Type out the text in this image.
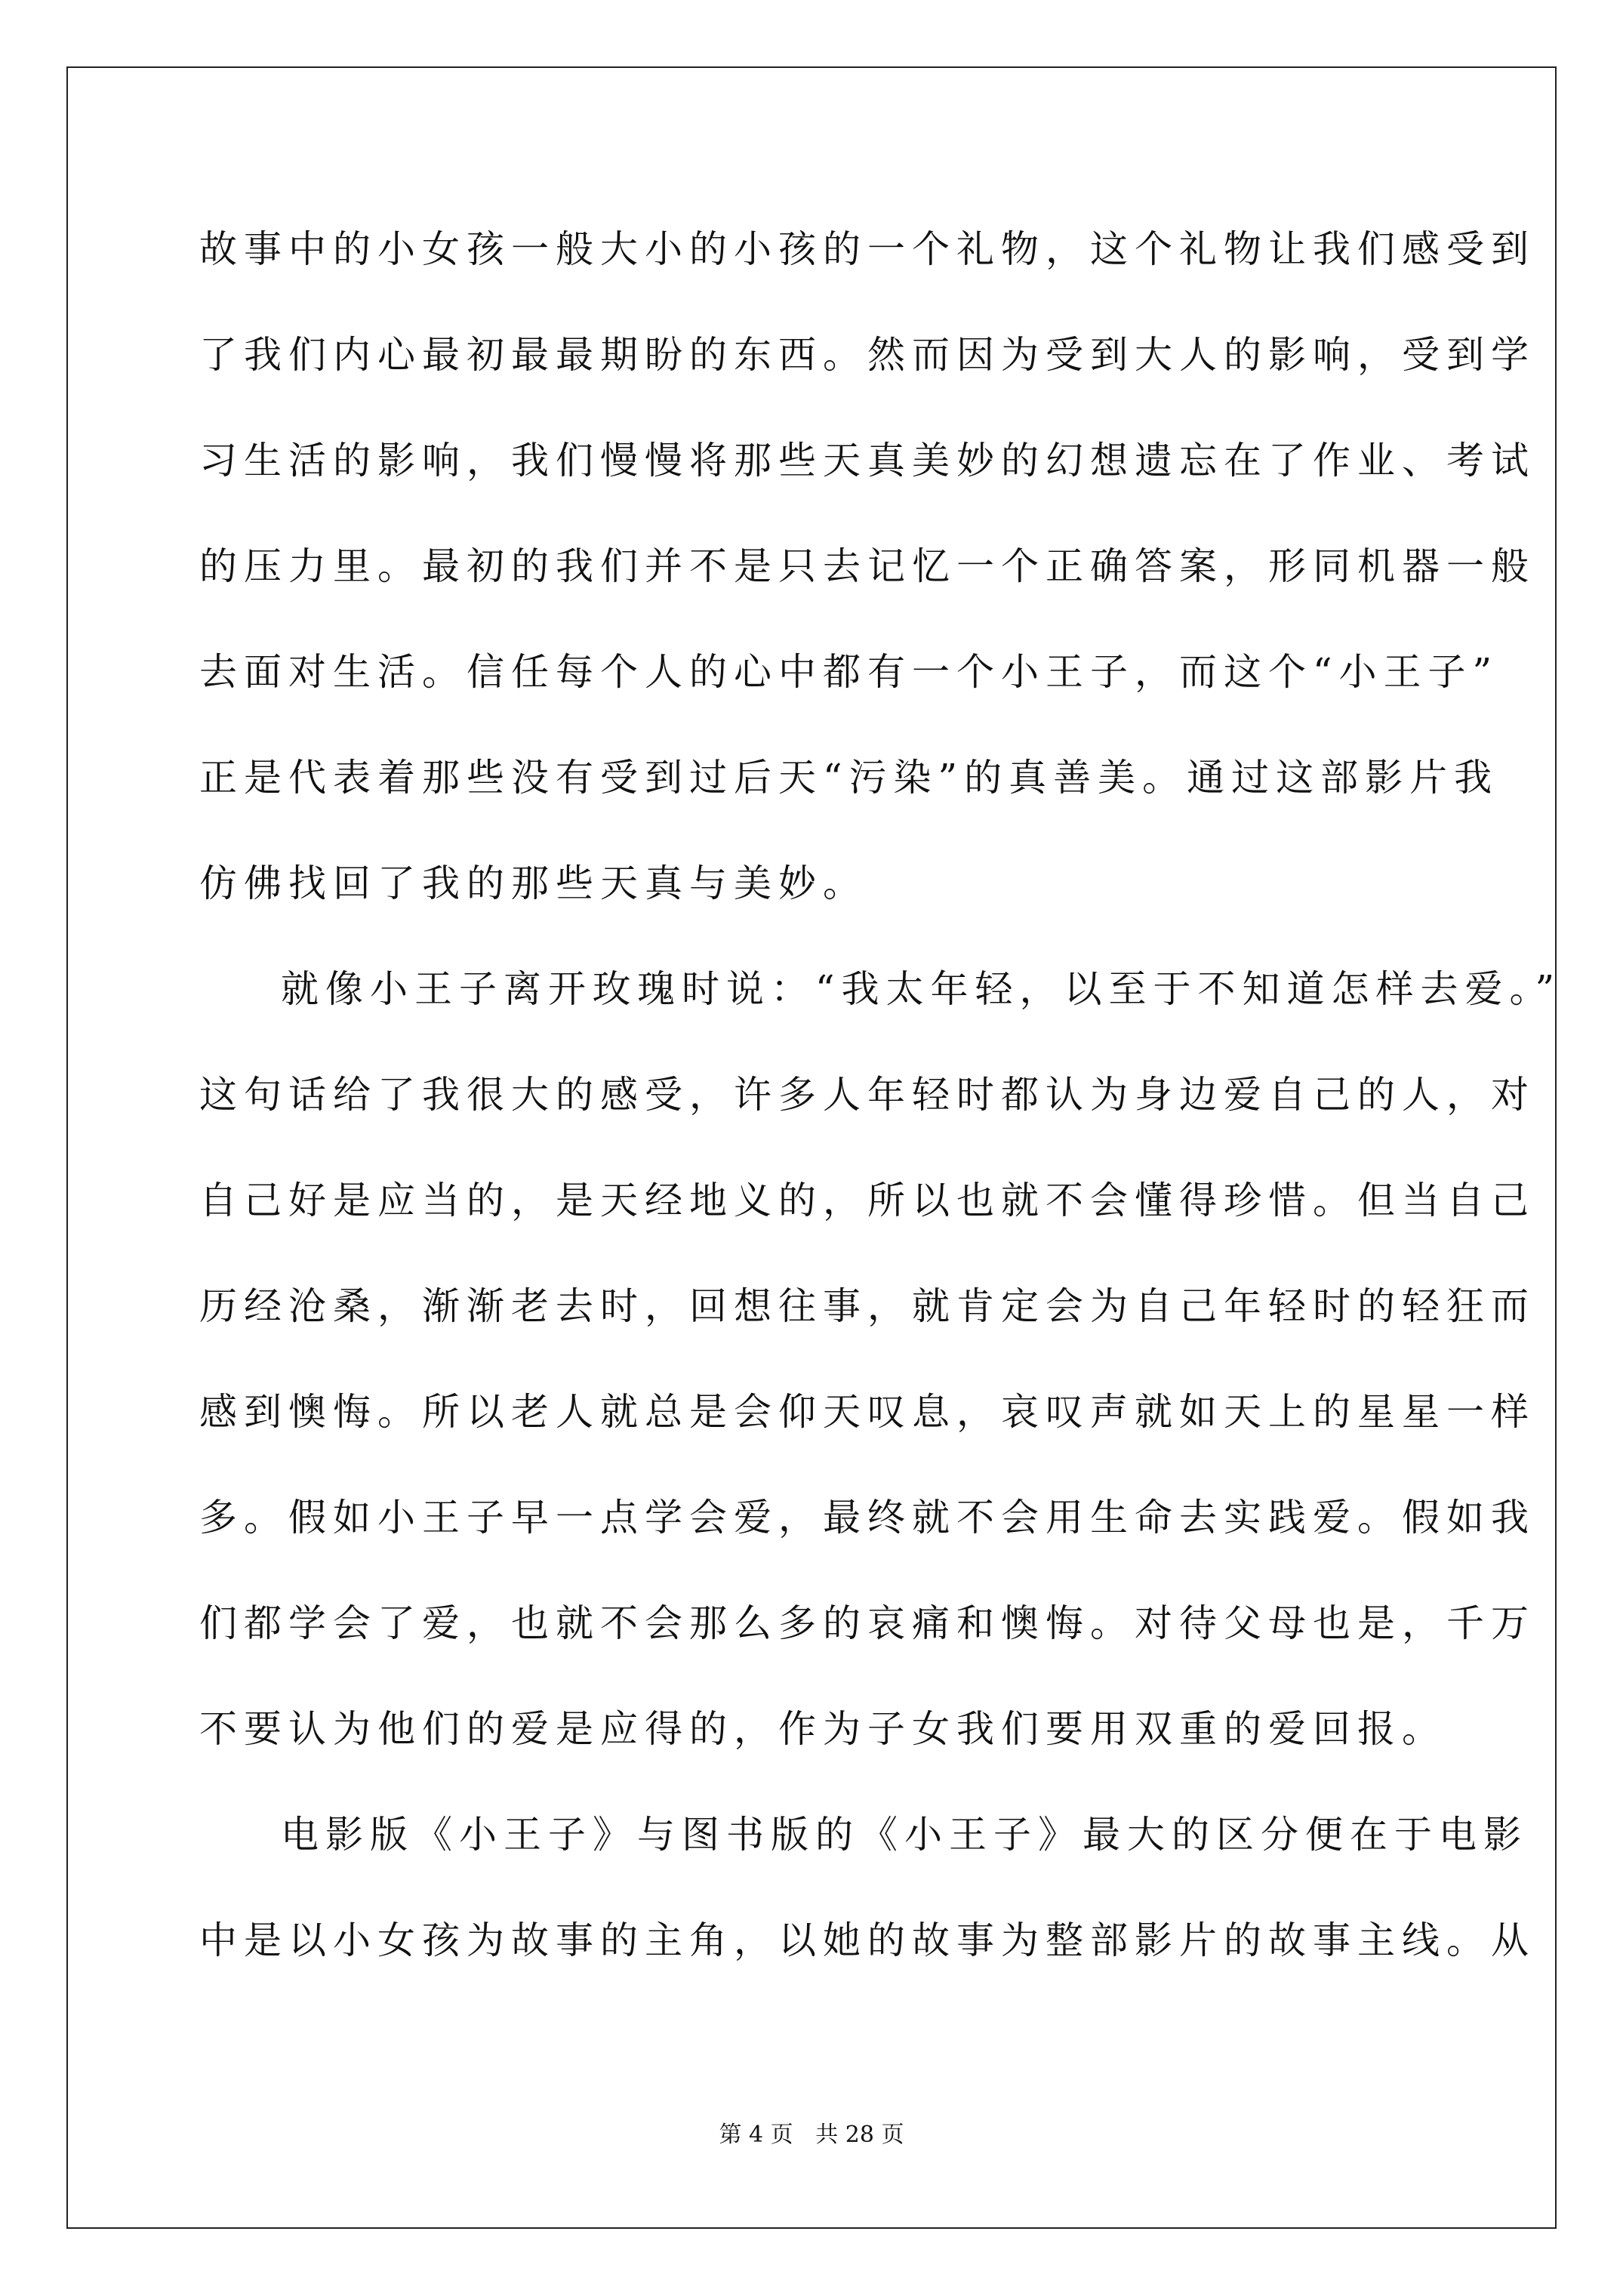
故事中的小女孩一般大小的小孩的一个礼物，这个礼物让我们感受到
了我们内心最初最最期盼的东西。然而因为受到大人的影响，受到学
习生活的影响，我们慢慢将那些天真美妙的幻想遗忘在了作业、考试
的压力里。最初的我们并不是只去记忆一个正确答案，形同机器一般
去面对生活。信任每个人的心中都有一个小王子，而这个“小王子”
正是代表着那些没有受到过后天“污染”的真善美。通过这部影片我
仿佛找回了我的那些天真与美妙。
就像小王子离开玫瑰时说：“我太年轻，以至于不知道怎样去爱。”
这句话给了我很大的感受，许多人年轻时都认为身边爱自己的人，对
自己好是应当的，是天经地义的，所以也就不会懂得珍惜。但当自己
历经沧桑，渐渐老去时，回想往事，就肯定会为自己年轻时的轻狂而
感到懊悔。所以老人就总是会仰天叹息，哀叹声就如天上的星星一样
多。假如小王子早一点学会爱，最终就不会用生命去实践爱。假如我
们都学会了爱，也就不会那么多的哀痛和懊悔。对待父母也是，千万
不要认为他们的爱是应得的，作为子女我们要用双重的爱回报。
电影版《小王子》与图书版的《小王子》最大的区分便在于电影
中是以小女孩为故事的主角，以她的故事为整部影片的故事主线。从
第 4 页 共 28 页
